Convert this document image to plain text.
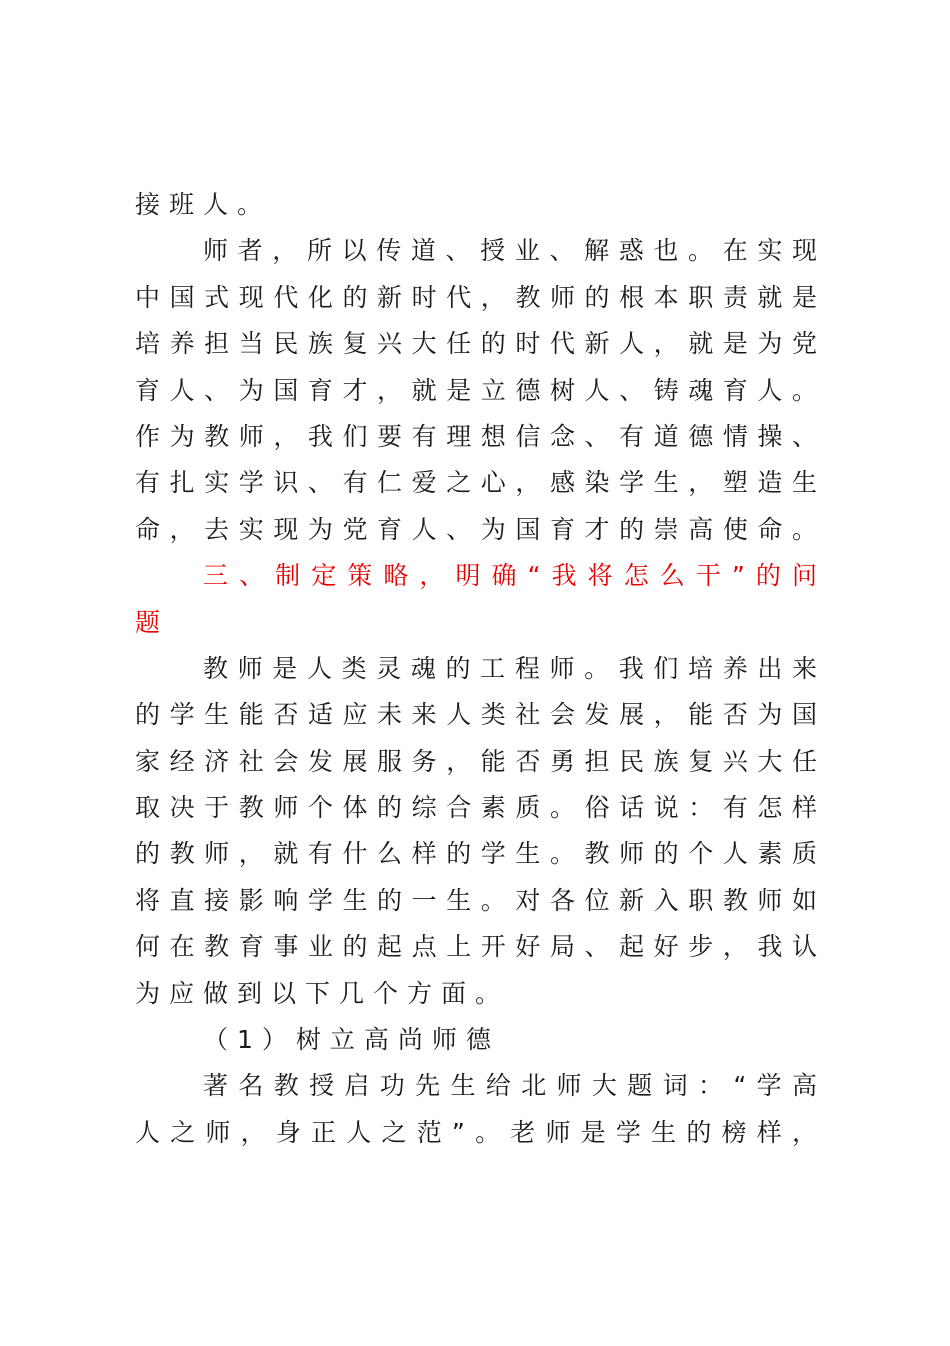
接班人。
师者，所以传道、授业、解惑也。在实现
中国式现代化的新时代，教师的根本职责就是
培养担当民族复兴大任的时代新人，就是为党
育人、为国育才，就是立德树人、铸魂育人。
作为教师，我们要有理想信念、有道德情操、
有扎实学识、有仁爱之心，感染学生，塑造生
命，去实现为党育人、为国育才的崇高使命。
三、制定策略，明确“我将怎么干”的问
题
教师是人类灵魂的工程师。我们培养出来
的学生能否适应未来人类社会发展，能否为国
家经济社会发展服务，能否勇担民族复兴大任
取决于教师个体的综合素质。俗话说：有怎样
的教师，就有什么样的学生。教师的个人素质
将直接影响学生的一生。对各位新入职教师如
何在教育事业的起点上开好局、起好步，我认
为应做到以下几个方面。
（1）树立高尚师德
著名教授启功先生给北师大题词：“学高
人之师，身正人之范”。老师是学生的榜样，
